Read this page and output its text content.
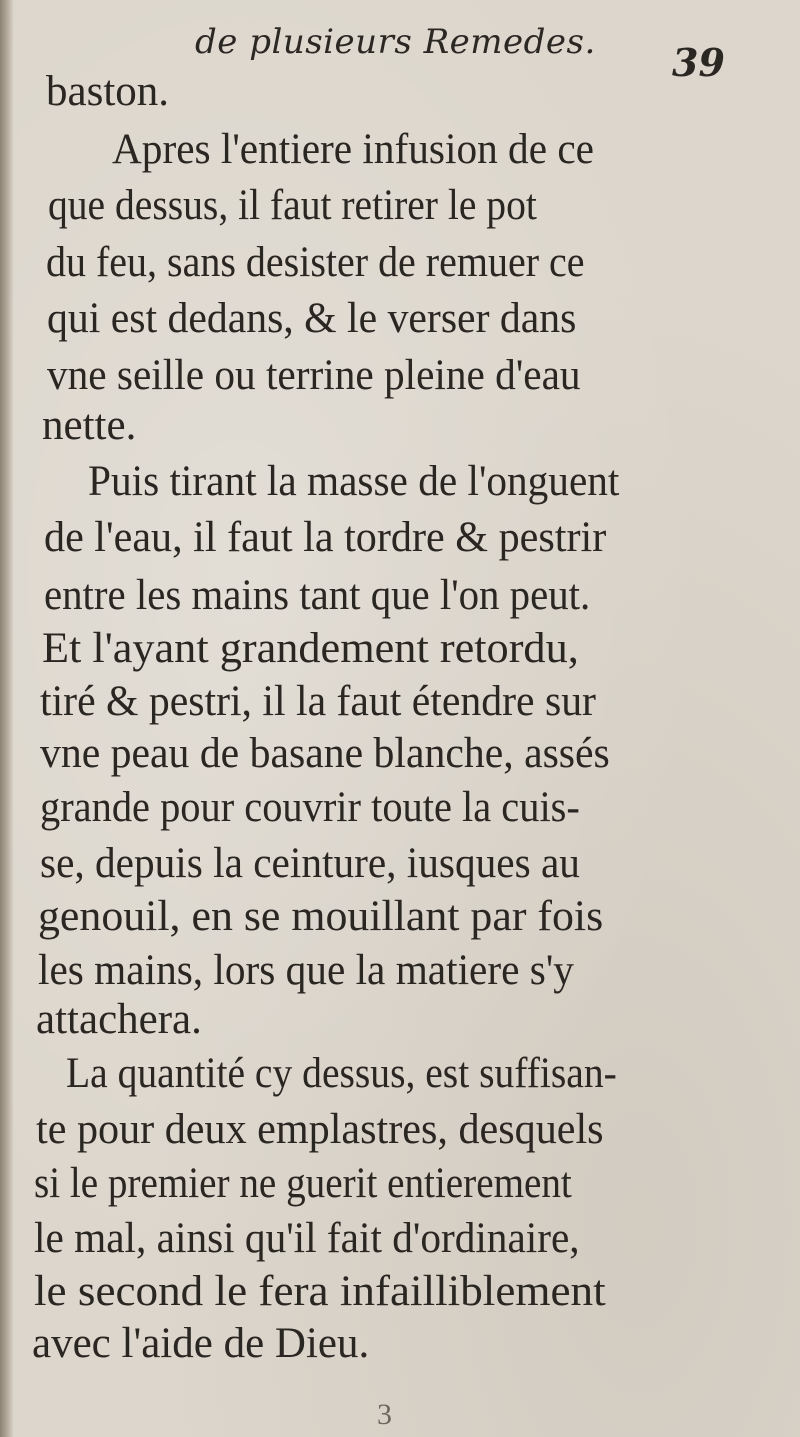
de plusieurs Remedes. 39
baston.
Apres l'entiere infusion de ce
que dessus, il faut retirer le pot
du feu, sans desister de remuer ce
qui est dedans, & le verser dans
vne seille ou terrine pleine d'eau
nette.
Puis tirant la masse de l'onguent
de l'eau, il faut la tordre & pestrir
entre les mains tant que l'on peut.
Et l'ayant grandement retordu,
tiré & pestri, il la faut étendre sur
vne peau de basane blanche, assés
grande pour couvrir toute la cuis-
se, depuis la ceinture, iusques au
genouil, en se mouillant par fois
les mains, lors que la matiere s'y
attachera.
La quantité cy dessus, est suffisan-
te pour deux emplastres, desquels
si le premier ne guerit entierement
le mal, ainsi qu'il fait d'ordinaire,
le second le fera infailliblement
avec l'aide de Dieu.
3
